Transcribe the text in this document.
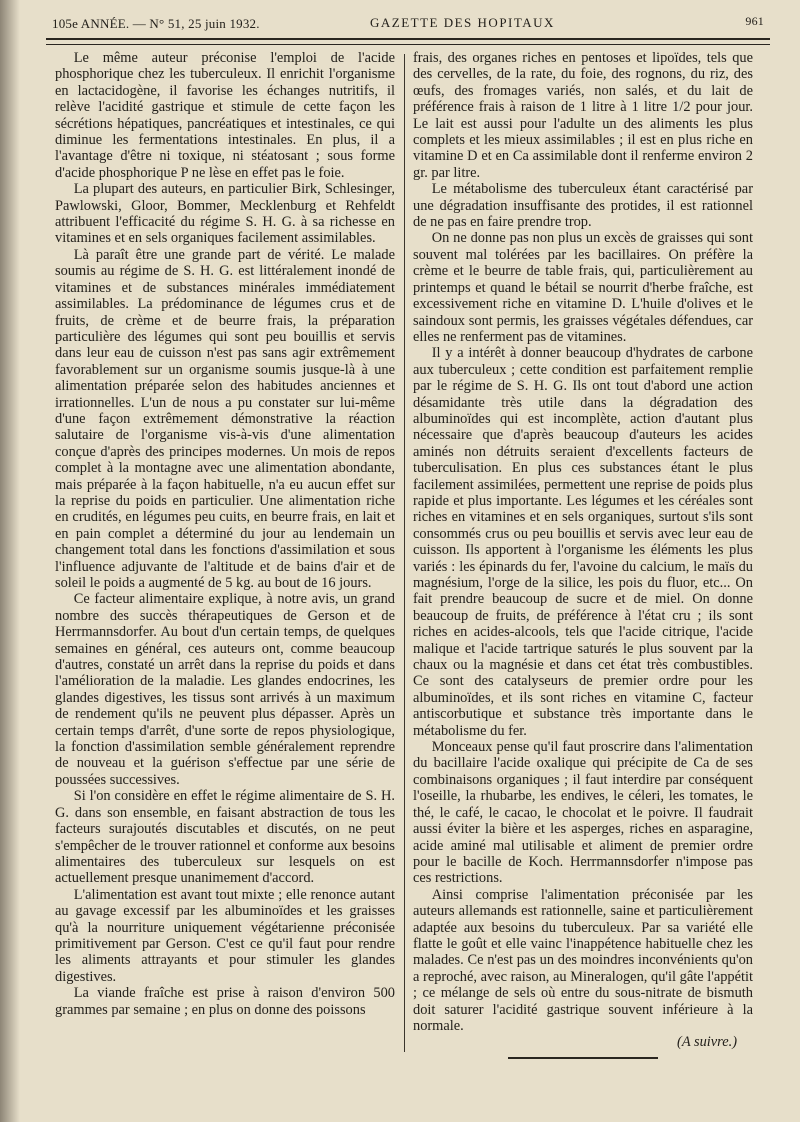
105e ANNÉE. — N° 51, 25 juin 1932.	GAZETTE DES HOPITAUX	961

Le même auteur préconise l'emploi de l'acide phosphorique chez les tuberculeux. Il enrichit l'organisme en lactacidogène, il favorise les échanges nutritifs, il relève l'acidité gastrique et stimule de cette façon les sécrétions hépatiques, pancréatiques et intestinales, ce qui diminue les fermentations intestinales. En plus, il a l'avantage d'être ni toxique, ni stéatosant ; sous forme d'acide phosphorique P ne lèse en effet pas le foie.

La plupart des auteurs, en particulier Birk, Schlesinger, Pawlowski, Gloor, Bommer, Mecklenburg et Rehfeldt attribuent l'efficacité du régime S. H. G. à sa richesse en vitamines et en sels organiques facilement assimilables.

Là paraît être une grande part de vérité. Le malade soumis au régime de S. H. G. est littéralement inondé de vitamines et de substances minérales immédiatement assimilables. La prédominance de légumes crus et de fruits, de crème et de beurre frais, la préparation particulière des légumes qui sont peu bouillis et servis dans leur eau de cuisson n'est pas sans agir extrêmement favorablement sur un organisme soumis jusque-là à une alimentation préparée selon des habitudes anciennes et irrationnelles. L'un de nous a pu constater sur lui-même d'une façon extrêmement démonstrative la réaction salutaire de l'organisme vis-à-vis d'une alimentation conçue d'après des principes modernes. Un mois de repos complet à la montagne avec une alimentation abondante, mais préparée à la façon habituelle, n'a eu aucun effet sur la reprise du poids en particulier. Une alimentation riche en crudités, en légumes peu cuits, en beurre frais, en lait et en pain complet a déterminé du jour au lendemain un changement total dans les fonctions d'assimilation et sous l'influence adjuvante de l'altitude et de bains d'air et de soleil le poids a augmenté de 5 kg. au bout de 16 jours.

Ce facteur alimentaire explique, à notre avis, un grand nombre des succès thérapeutiques de Gerson et de Herrmannsdorfer. Au bout d'un certain temps, de quelques semaines en général, ces auteurs ont, comme beaucoup d'autres, constaté un arrêt dans la reprise du poids et dans l'amélioration de la maladie. Les glandes endocrines, les glandes digestives, les tissus sont arrivés à un maximum de rendement qu'ils ne peuvent plus dépasser. Après un certain temps d'arrêt, d'une sorte de repos physiologique, la fonction d'assimilation semble généralement reprendre de nouveau et la guérison s'effectue par une série de poussées successives.

Si l'on considère en effet le régime alimentaire de S. H. G. dans son ensemble, en faisant abstraction de tous les facteurs surajoutés discutables et discutés, on ne peut s'empêcher de le trouver rationnel et conforme aux besoins alimentaires des tuberculeux sur lesquels on est actuellement presque unanimement d'accord.

L'alimentation est avant tout mixte ; elle renonce autant au gavage excessif par les albuminoïdes et les graisses qu'à la nourriture uniquement végétarienne préconisée primitivement par Gerson. C'est ce qu'il faut pour rendre les aliments attrayants et pour stimuler les glandes digestives.

La viande fraîche est prise à raison d'environ 500 grammes par semaine ; en plus on donne des poissons

frais, des organes riches en pentoses et lipoïdes, tels que des cervelles, de la rate, du foie, des rognons, du riz, des œufs, des fromages variés, non salés, et du lait de préférence frais à raison de 1 litre à 1 litre 1/2 pour jour. Le lait est aussi pour l'adulte un des aliments les plus complets et les mieux assimilables ; il est en plus riche en vitamine D et en Ca assimilable dont il renferme environ 2 gr. par litre.

Le métabolisme des tuberculeux étant caractérisé par une dégradation insuffisante des protides, il est rationnel de ne pas en faire prendre trop.

On ne donne pas non plus un excès de graisses qui sont souvent mal tolérées par les bacillaires. On préfère la crème et le beurre de table frais, qui, particulièrement au printemps et quand le bétail se nourrit d'herbe fraîche, est excessivement riche en vitamine D. L'huile d'olives et le saindoux sont permis, les graisses végétales défendues, car elles ne renferment pas de vitamines.

Il y a intérêt à donner beaucoup d'hydrates de carbone aux tuberculeux ; cette condition est parfaitement remplie par le régime de S. H. G. Ils ont tout d'abord une action désamidante très utile dans la dégradation des albuminoïdes qui est incomplète, action d'autant plus nécessaire que d'après beaucoup d'auteurs les acides aminés non détruits seraient d'excellents facteurs de tuberculisation. En plus ces substances étant le plus facilement assimilées, permettent une reprise de poids plus rapide et plus importante. Les légumes et les céréales sont riches en vitamines et en sels organiques, surtout s'ils sont consommés crus ou peu bouillis et servis avec leur eau de cuisson. Ils apportent à l'organisme les éléments les plus variés : les épinards du fer, l'avoine du calcium, le maïs du magnésium, l'orge de la silice, les pois du fluor, etc... On fait prendre beaucoup de sucre et de miel. On donne beaucoup de fruits, de préférence à l'état cru ; ils sont riches en acides-alcools, tels que l'acide citrique, l'acide malique et l'acide tartrique saturés le plus souvent par la chaux ou la magnésie et dans cet état très combustibles. Ce sont des catalyseurs de premier ordre pour les albuminoïdes, et ils sont riches en vitamine C, facteur antiscorbutique et substance très importante dans le métabolisme du fer.

Monceaux pense qu'il faut proscrire dans l'alimentation du bacillaire l'acide oxalique qui précipite de Ca de ses combinaisons organiques ; il faut interdire par conséquent l'oseille, la rhubarbe, les endives, le céleri, les tomates, le thé, le café, le cacao, le chocolat et le poivre. Il faudrait aussi éviter la bière et les asperges, riches en asparagine, acide aminé mal utilisable et aliment de premier ordre pour le bacille de Koch. Herrmannsdorfer n'impose pas ces restrictions.

Ainsi comprise l'alimentation préconisée par les auteurs allemands est rationnelle, saine et particulièrement adaptée aux besoins du tuberculeux. Par sa variété elle flatte le goût et elle vainc l'inappétence habituelle chez les malades. Ce n'est pas un des moindres inconvénients qu'on a reproché, avec raison, au Mineralogen, qu'il gâte l'appétit ; ce mélange de sels où entre du sous-nitrate de bismuth doit saturer l'acidité gastrique souvent inférieure à la normale.

(A suivre.)
